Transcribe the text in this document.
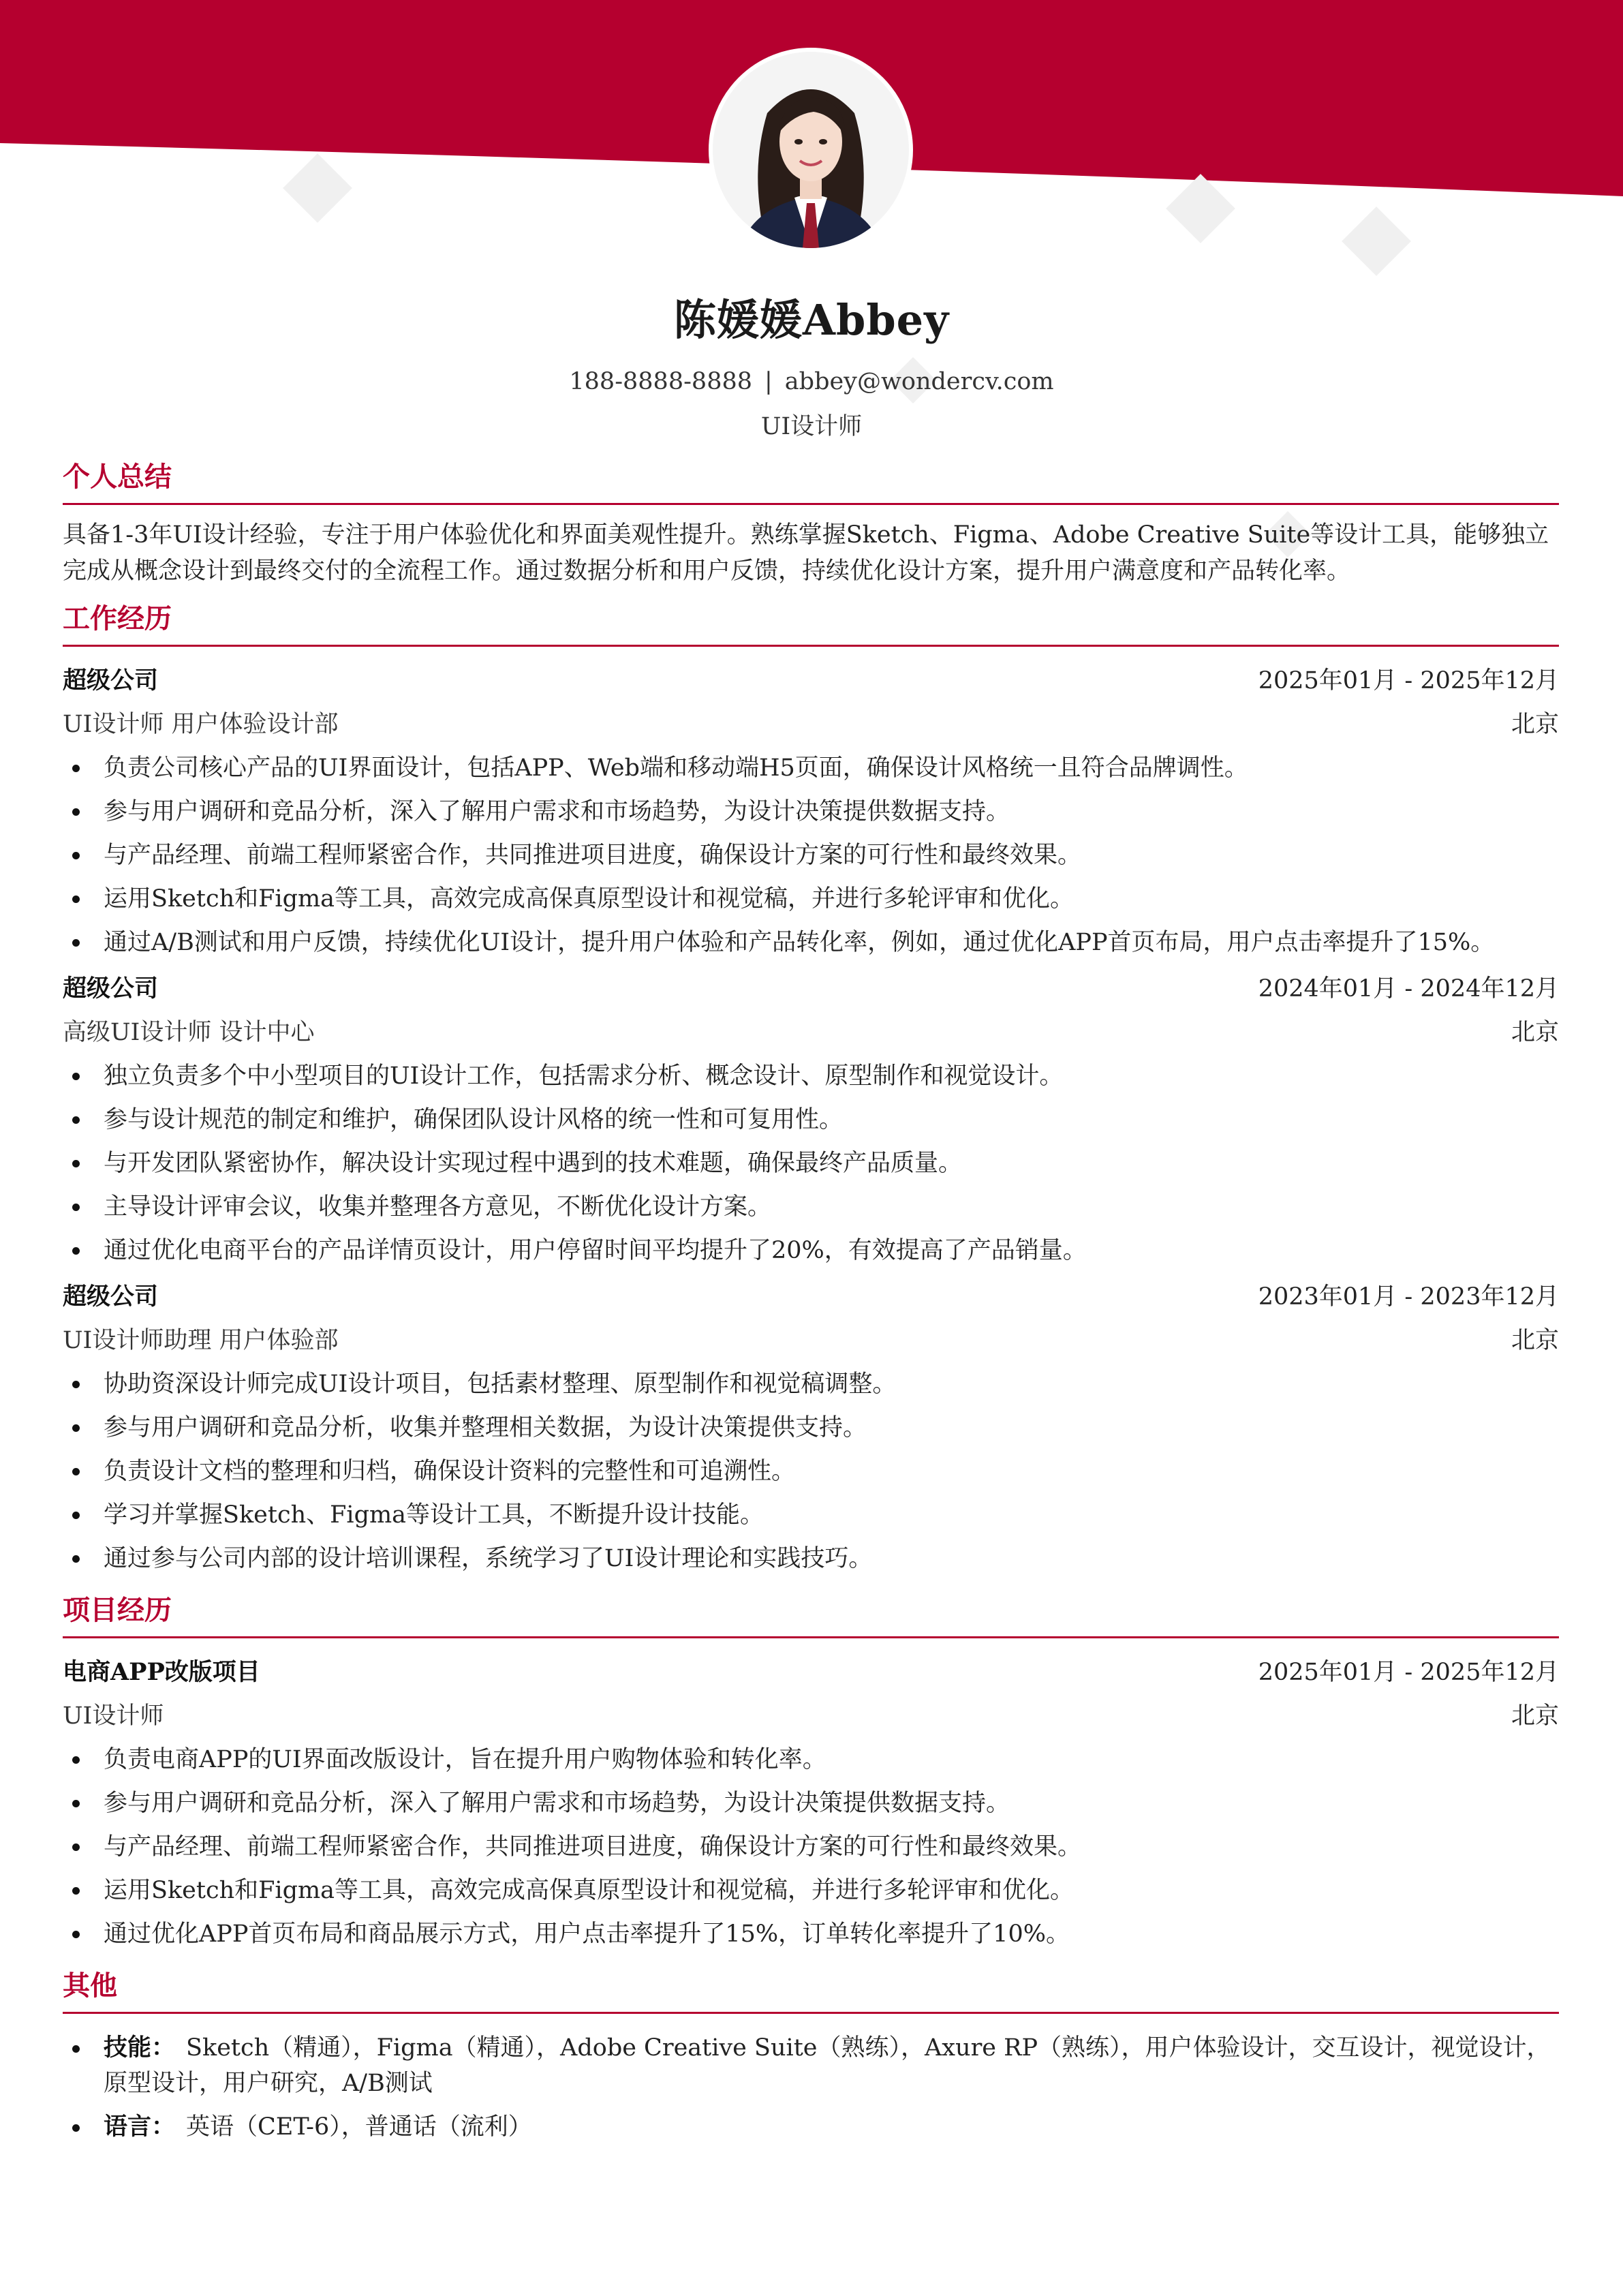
陈媛媛Abbey
188-8888-8888 | abbey@wondercv.com
UI设计师
个人总结

具备1-3年UI设计经验，专注于用户体验优化和界面美观性提升。熟练掌握Sketch、Figma、Adobe Creative Suite等设计工具，能够独立完成从概念设计到最终交付的全流程工作。通过数据分析和用户反馈，持续优化设计方案，提升用户满意度和产品转化率。

工作经历
超级公司	2025年01月 - 2025年12月
UI设计师 用户体验设计部	北京
负责公司核心产品的UI界面设计，包括APP、Web端和移动端H5页面，确保设计风格统一且符合品牌调性。
参与用户调研和竞品分析，深入了解用户需求和市场趋势，为设计决策提供数据支持。
与产品经理、前端工程师紧密合作，共同推进项目进度，确保设计方案的可行性和最终效果。
运用Sketch和Figma等工具，高效完成高保真原型设计和视觉稿，并进行多轮评审和优化。
通过A/B测试和用户反馈，持续优化UI设计，提升用户体验和产品转化率，例如，通过优化APP首页布局，用户点击率提升了15%。
超级公司	2024年01月 - 2024年12月
高级UI设计师 设计中心	北京
独立负责多个中小型项目的UI设计工作，包括需求分析、概念设计、原型制作和视觉设计。
参与设计规范的制定和维护，确保团队设计风格的统一性和可复用性。
与开发团队紧密协作，解决设计实现过程中遇到的技术难题，确保最终产品质量。
主导设计评审会议，收集并整理各方意见，不断优化设计方案。
通过优化电商平台的产品详情页设计，用户停留时间平均提升了20%，有效提高了产品销量。
超级公司	2023年01月 - 2023年12月
UI设计师助理 用户体验部	北京
协助资深设计师完成UI设计项目，包括素材整理、原型制作和视觉稿调整。
参与用户调研和竞品分析，收集并整理相关数据，为设计决策提供支持。
负责设计文档的整理和归档，确保设计资料的完整性和可追溯性。
学习并掌握Sketch、Figma等设计工具，不断提升设计技能。
通过参与公司内部的设计培训课程，系统学习了UI设计理论和实践技巧。
项目经历
电商APP改版项目	2025年01月 - 2025年12月
UI设计师	北京
负责电商APP的UI界面改版设计，旨在提升用户购物体验和转化率。
参与用户调研和竞品分析，深入了解用户需求和市场趋势，为设计决策提供数据支持。
与产品经理、前端工程师紧密合作，共同推进项目进度，确保设计方案的可行性和最终效果。
运用Sketch和Figma等工具，高效完成高保真原型设计和视觉稿，并进行多轮评审和优化。
通过优化APP首页布局和商品展示方式，用户点击率提升了15%，订单转化率提升了10%。
其他
技能： Sketch（精通），Figma（精通），Adobe Creative Suite（熟练），Axure RP（熟练），用户体验设计，交互设计，视觉设计，原型设计，用户研究，A/B测试
语言： 英语（CET-6），普通话（流利）
